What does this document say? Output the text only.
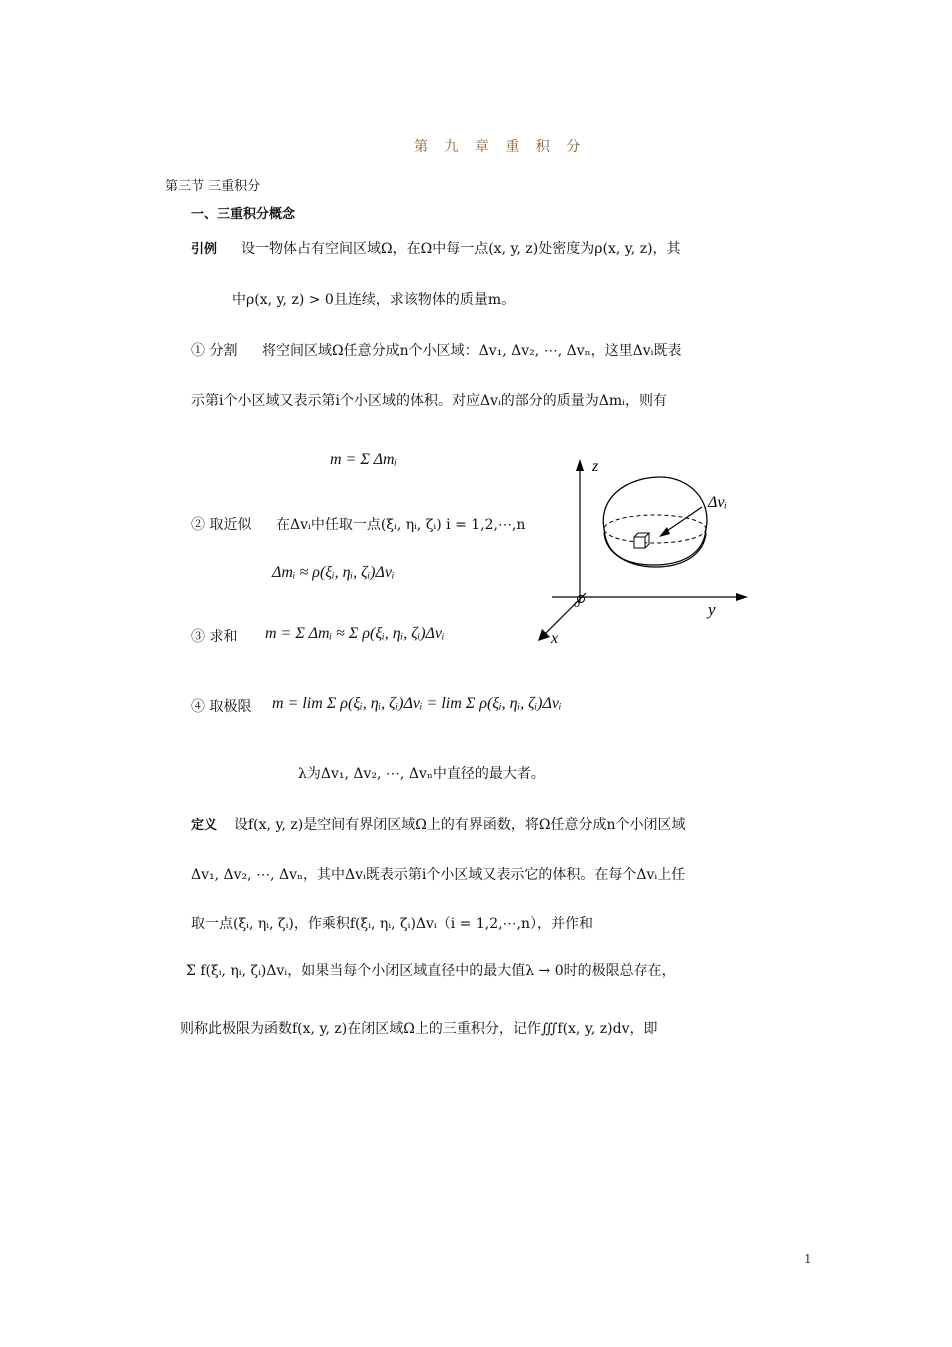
第 九 章 重 积 分
第三节 三重积分
一、三重积分概念
引例 设一物体占有空间区域Ω，在Ω中每一点(x, y, z)处密度为ρ(x, y, z)，其
中ρ(x, y, z) > 0且连续，求该物体的质量m。
① 分割 将空间区域Ω任意分成n个小区域：Δv₁, Δv₂, ⋯, Δvₙ，这里Δvᵢ既表
示第i个小区域又表示第i个小区域的体积。对应Δvᵢ的部分的质量为Δmᵢ，则有
m = Σ Δmᵢ
② 取近似 在Δvᵢ中任取一点(ξᵢ, ηᵢ, ζᵢ) i = 1,2,⋯,n
Δmᵢ ≈ ρ(ξᵢ, ηᵢ, ζᵢ)Δvᵢ
③ 求和 m = Σ Δmᵢ ≈ Σ ρ(ξᵢ, ηᵢ, ζᵢ)Δvᵢ
④ 取极限 m = lim Σ ρ(ξᵢ, ηᵢ, ζᵢ)Δvᵢ = lim Σ ρ(ξᵢ, ηᵢ, ζᵢ)Δvᵢ
λ为Δv₁, Δv₂, ⋯, Δvₙ中直径的最大者。
定义 设f(x, y, z)是空间有界闭区域Ω上的有界函数，将Ω任意分成n个小闭区域
Δv₁, Δv₂, ⋯, Δvₙ，其中Δvᵢ既表示第i个小区域又表示它的体积。在每个Δvᵢ上任
取一点(ξᵢ, ηᵢ, ζᵢ)，作乘积f(ξᵢ, ηᵢ, ζᵢ)Δvᵢ（i = 1,2,⋯,n），并作和
Σ f(ξᵢ, ηᵢ, ζᵢ)Δvᵢ，如果当每个小闭区域直径中的最大值λ → 0时的极限总存在，
则称此极限为函数f(x, y, z)在闭区域Ω上的三重积分，记作∭f(x, y, z)dv，即
1
z
y
x
o
Δvᵢ
